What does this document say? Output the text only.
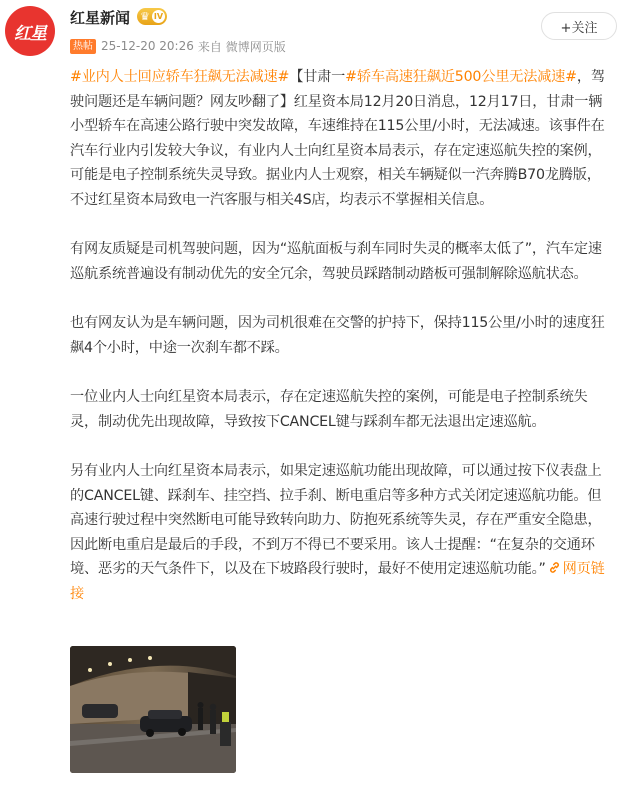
红星
红星新闻 ♛ IV
热帖 25-12-20 20:26 来自 微博网页版
+关注

#业内人士回应轿车狂飙无法减速#【甘肃一#轿车高速狂飙近500公里无法减速#，驾驶问题还是车辆问题？网友吵翻了】红星资本局12月20日消息，12月17日，甘肃一辆小型轿车在高速公路行驶中突发故障，车速维持在115公里/小时，无法减速。该事件在汽车行业内引发较大争议，有业内人士向红星资本局表示，存在定速巡航失控的案例，可能是电子控制系统失灵导致。据业内人士观察，相关车辆疑似一汽奔腾B70龙腾版，不过红星资本局致电一汽客服与相关4S店，均表示不掌握相关信息。

有网友质疑是司机驾驶问题，因为“巡航面板与刹车同时失灵的概率太低了”，汽车定速巡航系统普遍设有制动优先的安全冗余，驾驶员踩踏制动踏板可强制解除巡航状态。

也有网友认为是车辆问题，因为司机很难在交警的护持下，保持115公里/小时的速度狂飙4个小时，中途一次刹车都不踩。

一位业内人士向红星资本局表示，存在定速巡航失控的案例，可能是电子控制系统失灵，制动优先出现故障，导致按下CANCEL键与踩刹车都无法退出定速巡航。

另有业内人士向红星资本局表示，如果定速巡航功能出现故障，可以通过按下仪表盘上的CANCEL键、踩刹车、挂空挡、拉手刹、断电重启等多种方式关闭定速巡航功能。但高速行驶过程中突然断电可能导致转向助力、防抱死系统等失灵，存在严重安全隐患，因此断电重启是最后的手段，不到万不得已不要采用。该人士提醒：“在复杂的交通环境、恶劣的天气条件下，以及在下坡路段行驶时，最好不使用定速巡航功能。” 网页链接
